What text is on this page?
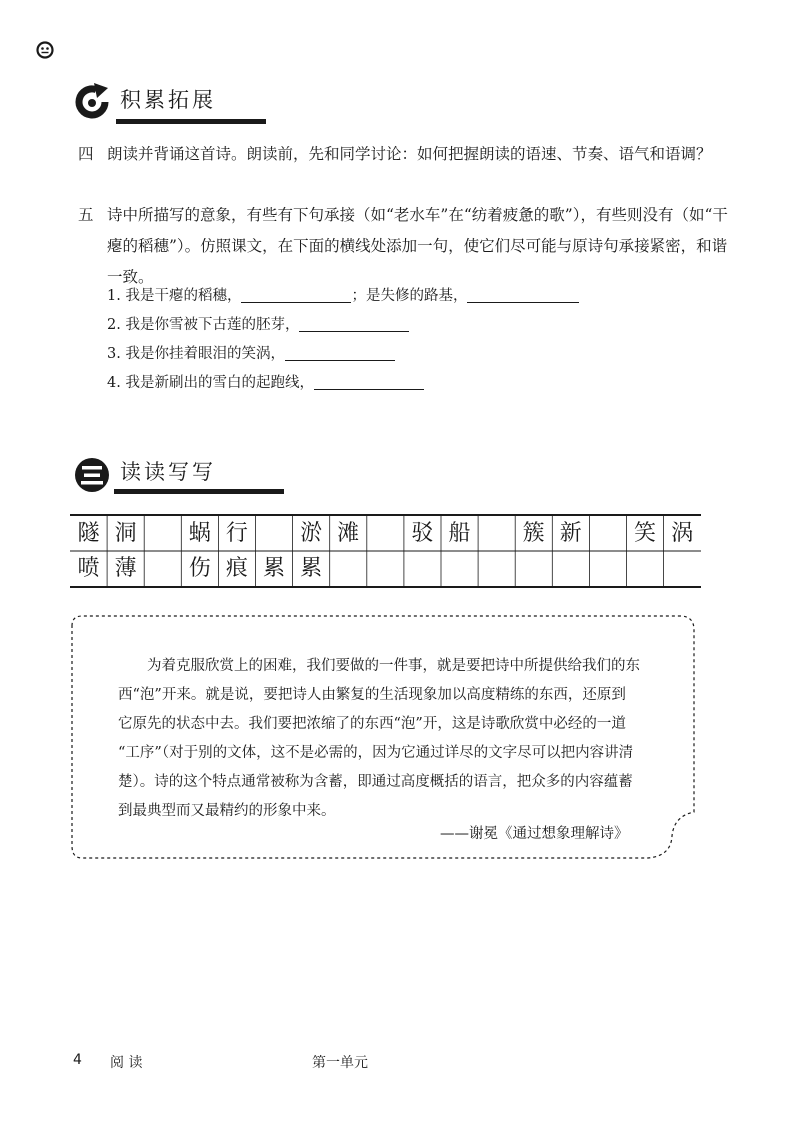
积累拓展
四 朗读并背诵这首诗。朗读前，先和同学讨论：如何把握朗读的语速、节奏、语气和语调？
五 诗中所描写的意象，有些有下句承接（如“老水车”在“纺着疲惫的歌”），有些则没有（如“干瘪的稻穗”）。仿照课文，在下面的横线处添加一句，使它们尽可能与原诗句承接紧密，和谐一致。
1. 我是干瘪的稻穗，	；是失修的路基，
2. 我是你雪被下古莲的胚芽，
3. 我是你挂着眼泪的笑涡，
4. 我是新刷出的雪白的起跑线，
读读写写
隧 洞	蜗 行	淤 滩	驳 船	簇 新	笑 涡
喷 薄	伤 痕 累 累
为着克服欣赏上的困难，我们要做的一件事，就是要把诗中所提供给我们的东
西“泡”开来。就是说，要把诗人由繁复的生活现象加以高度精练的东西，还原到
它原先的状态中去。我们要把浓缩了的东西“泡”开，这是诗歌欣赏中必经的一道
“工序”（对于别的文体，这不是必需的，因为它通过详尽的文字尽可以把内容讲清
楚）。诗的这个特点通常被称为含蓄，即通过高度概括的语言，把众多的内容蕴蓄
到最典型而又最精约的形象中来。
——谢冕《通过想象理解诗》
4 阅 读	第一单元
